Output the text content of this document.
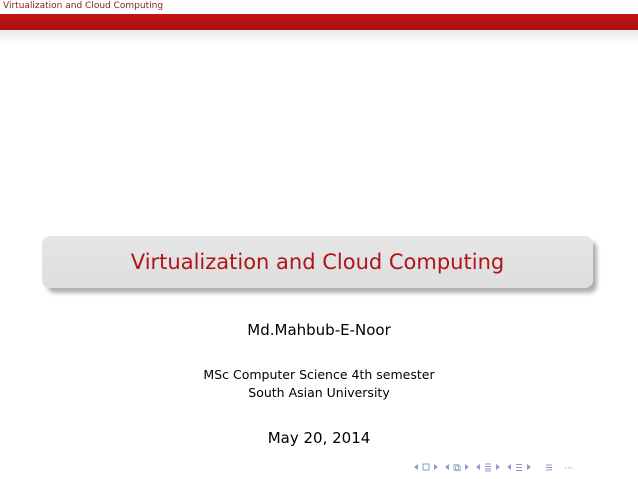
Virtualization and Cloud Computing
Virtualization and Cloud Computing
Md.Mahbub-E-Noor
MSc Computer Science 4th semester
South Asian University
May 20, 2014
